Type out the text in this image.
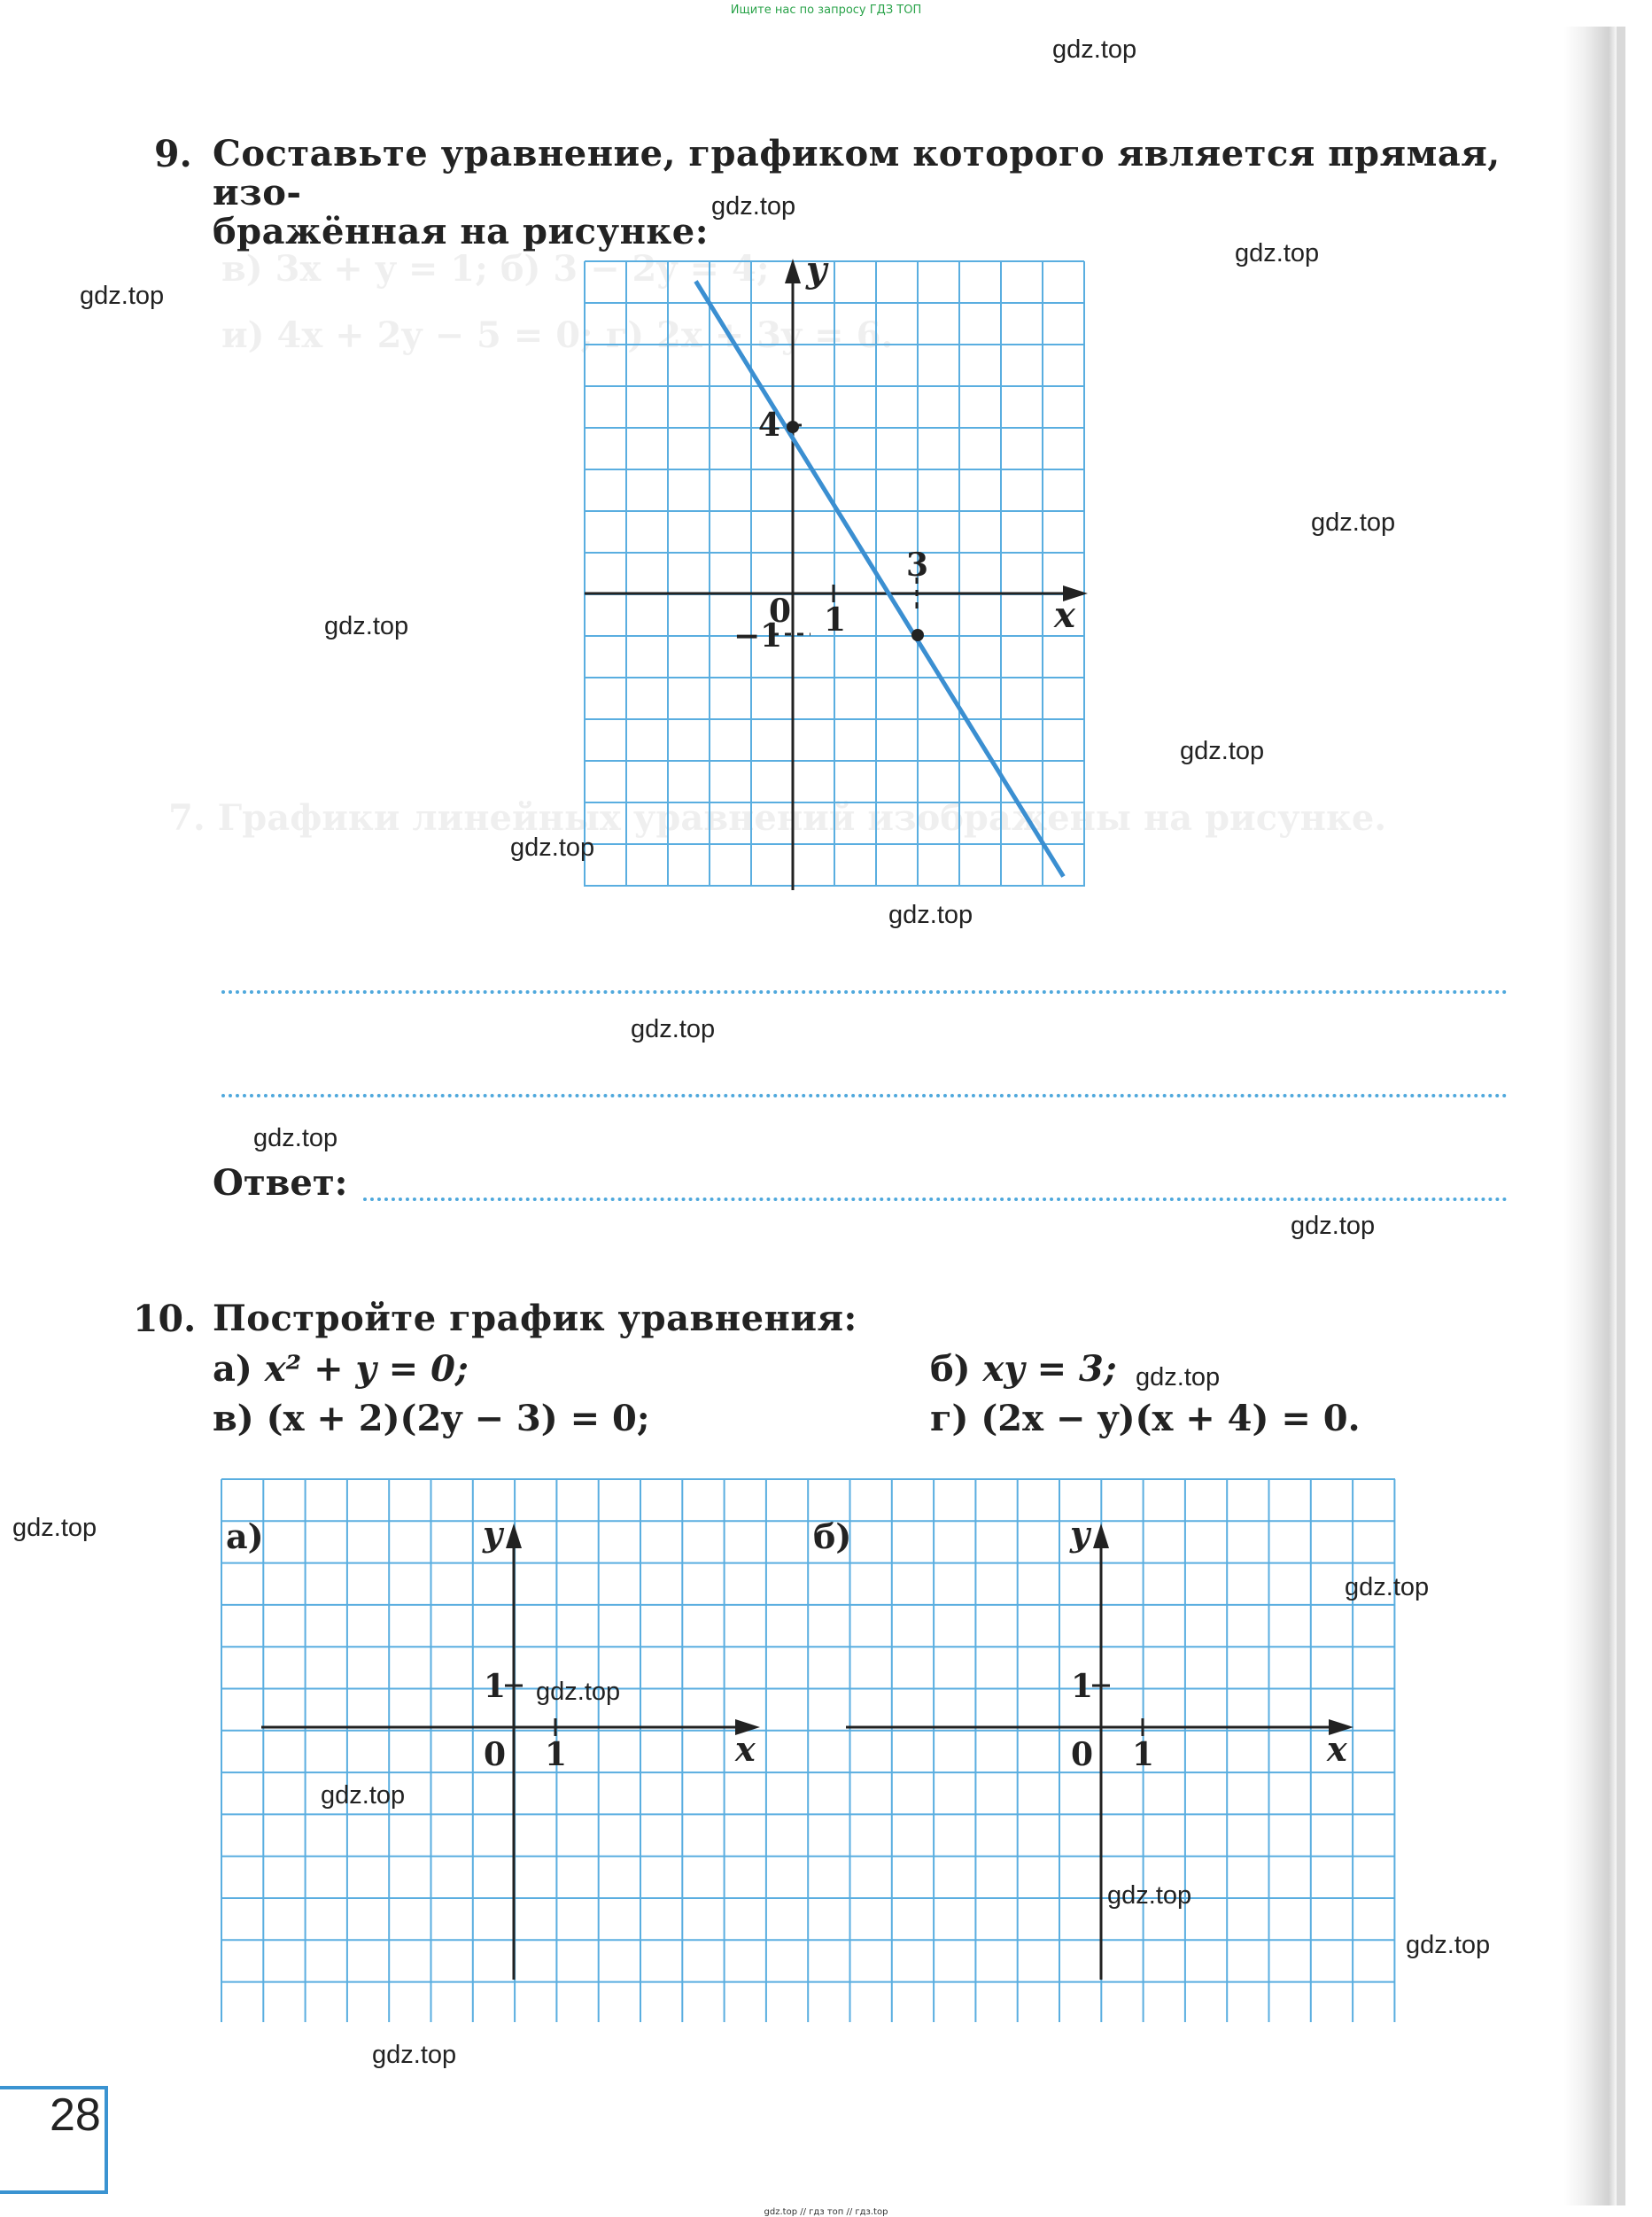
в) 3x + y = 1; б) 3 − 2y = 4;
и) 4x + 2y − 5 = 0; г) 2x + 3y = 6.
7. Графики линейных уравнений изображены на рисунке.
Ищите нас по запросу ГДЗ ТОП
9. Составьте уравнение, графиком которого является прямая, изо-
бражённая на рисунке:
y
x
0 1
4
3
−1
Ответ:
10. Постройте график уравнения:
а) x² + y = 0;	б) xy = 3;
в) (x + 2)(2y − 3) = 0;	г) (2x − y)(x + 4) = 0.
а)	y
x
0 1
1
б)	y
x
0 1
1
28
gdz.top
gdz.top
gdz.top
gdz.top
gdz.top
gdz.top
gdz.top
gdz.top
gdz.top
gdz.top
gdz.top
gdz.top
gdz.top
gdz.top
gdz.top
gdz.top
gdz.top
gdz.top
gdz.top
gdz.top
gdz.top // гдз топ // гдз.top
